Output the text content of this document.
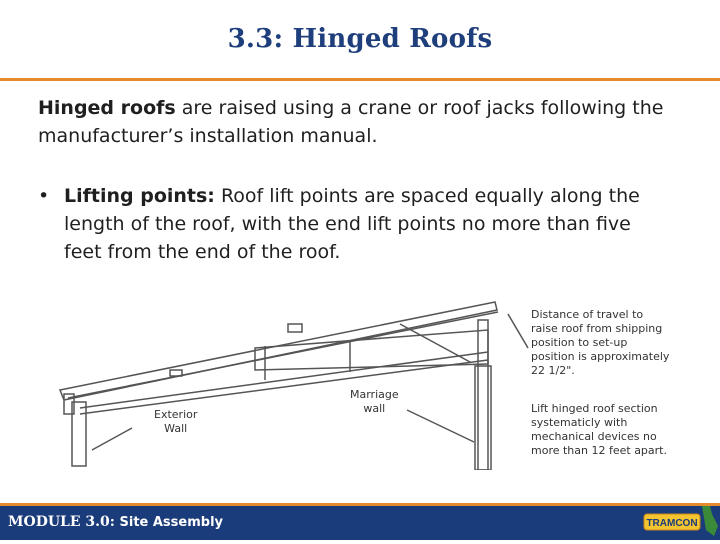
3.3: Hinged Roofs
Hinged roofs are raised using a crane or roof jacks following the manufacturer’s installation manual.
• Lifting points: Roof lift points are spaced equally along the length of the roof, with the end lift points no more than five feet from the end of the roof.
Exterior
Wall
Marriage
wall
Distance of travel to
raise roof from shipping
position to set-up
position is approximately
22 1/2".
Lift hinged roof section
systematicly with
mechanical devices no
more than 12 feet apart.
MODULE 3.0: Site Assembly	TRAMCON
